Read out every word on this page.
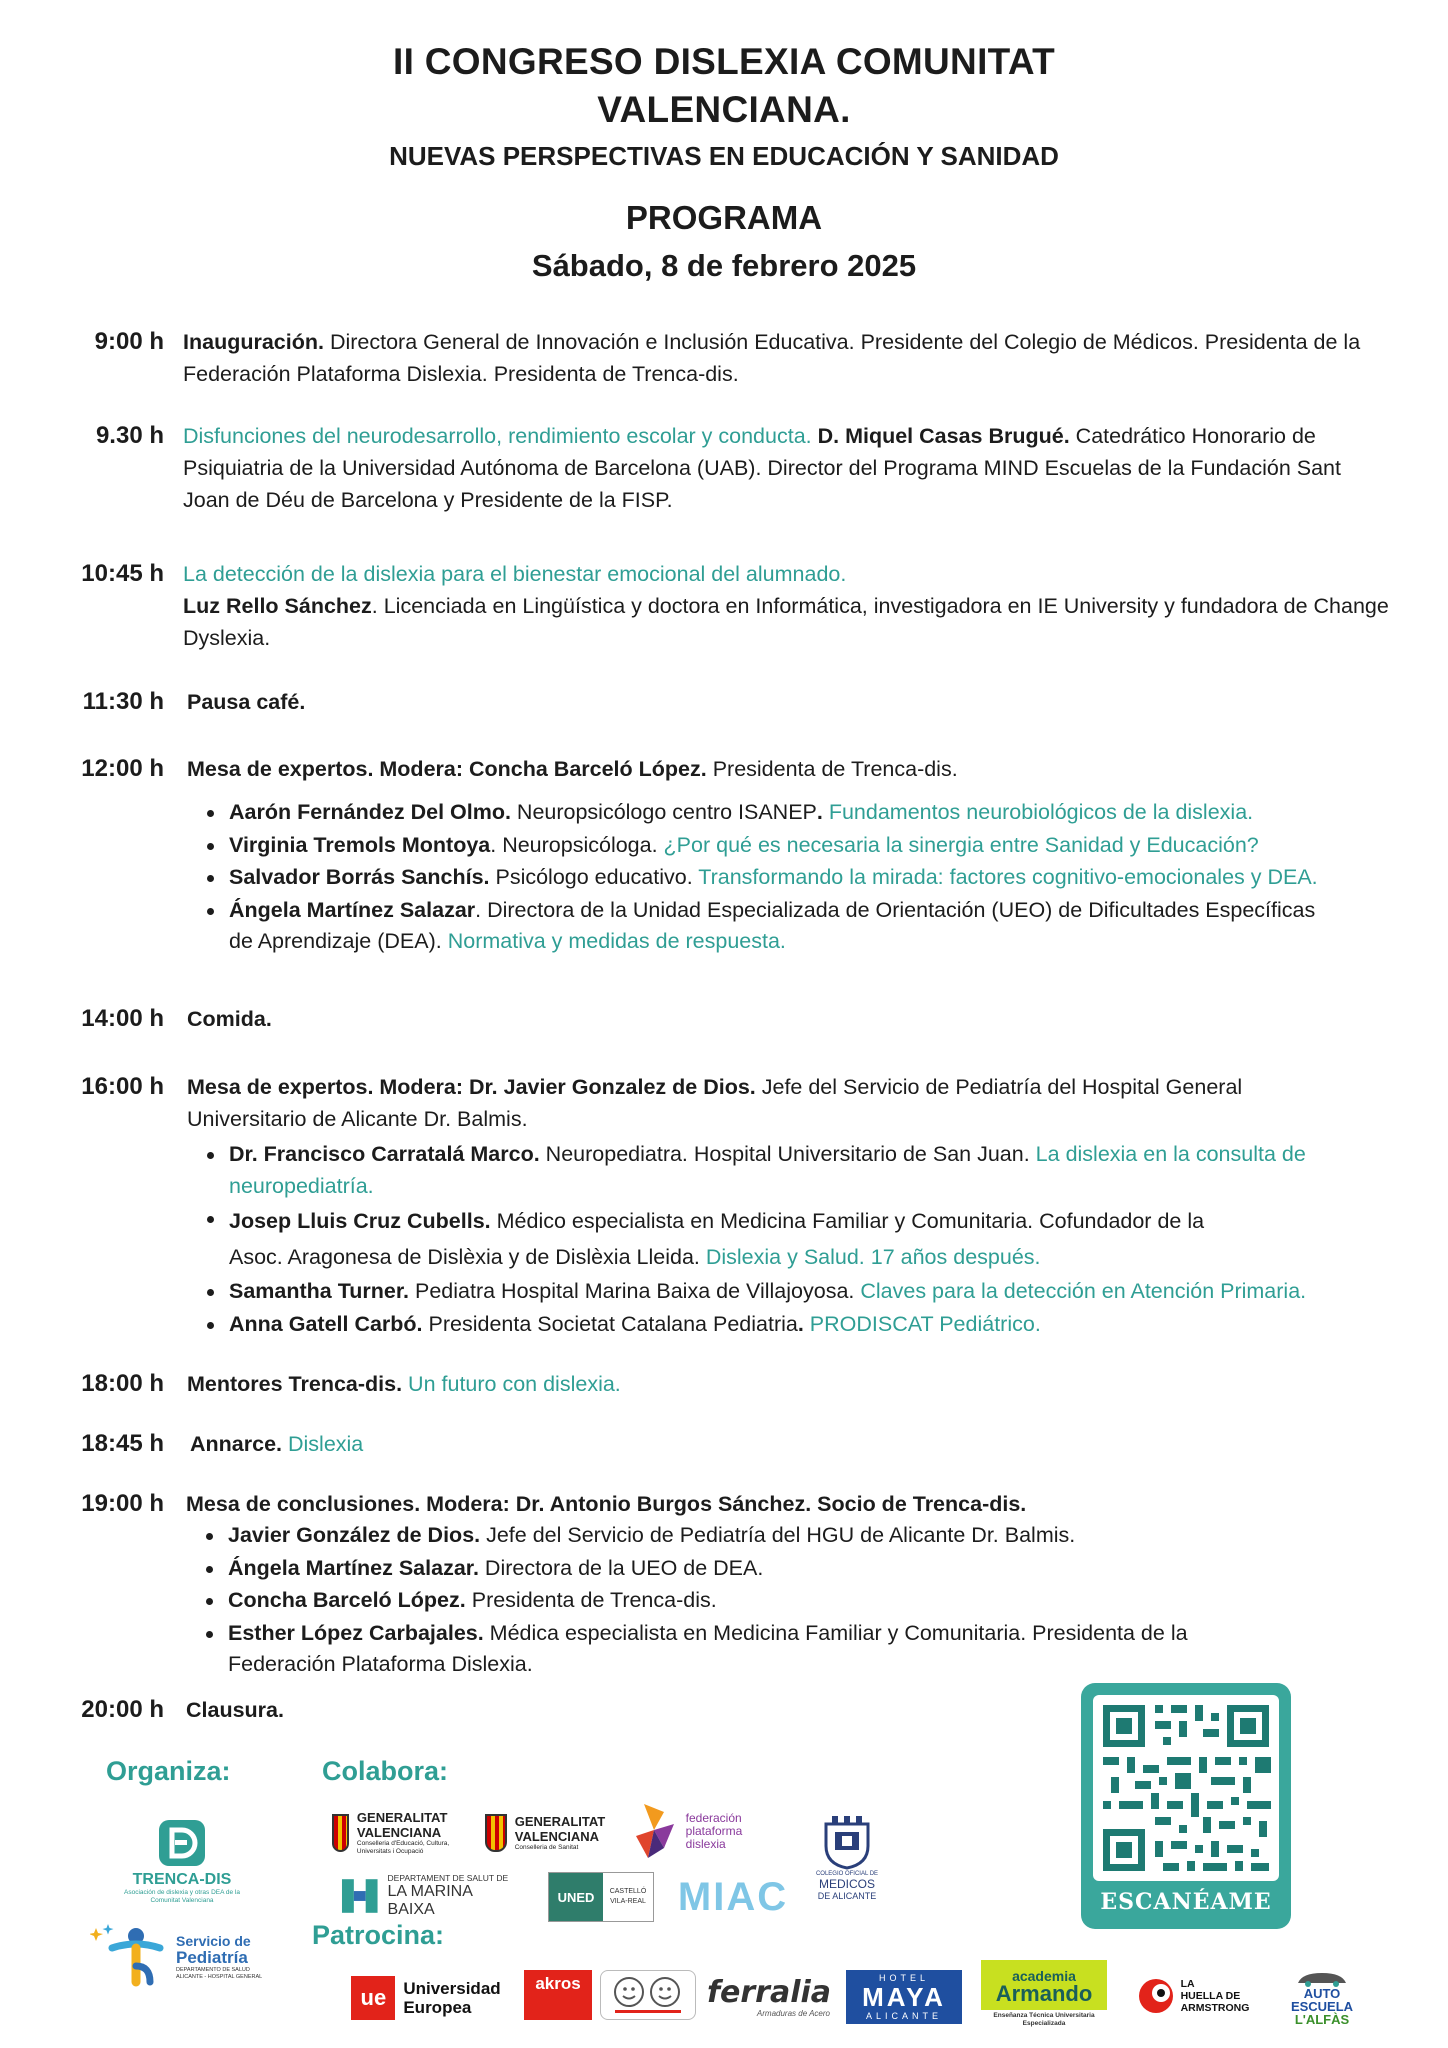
II CONGRESO DISLEXIA COMUNITAT
VALENCIANA.
NUEVAS PERSPECTIVAS EN EDUCACIÓN Y SANIDAD
PROGRAMA
Sábado, 8 de febrero 2025
9:00 h Inauguración. Directora General de Innovación e Inclusión Educativa. Presidente del Colegio de Médicos. Presidenta de la Federación Plataforma Dislexia. Presidenta de Trenca-dis.
9.30 h Disfunciones del neurodesarrollo, rendimiento escolar y conducta. D. Miquel Casas Brugué. Catedrático Honorario de Psiquiatria de la Universidad Autónoma de Barcelona (UAB). Director del Programa MIND Escuelas de la Fundación Sant Joan de Déu de Barcelona y Presidente de la FISP.
10:45 h La detección de la dislexia para el bienestar emocional del alumnado.
Luz Rello Sánchez. Licenciada en Lingüística y doctora en Informática, investigadora en IE University y fundadora de Change Dyslexia.
11:30 h Pausa café.
12:00 h Mesa de expertos. Moderа: Concha Barceló López. Presidenta de Trenca-dis.
Aarón Fernández Del Olmo. Neuropsicólogo centro ISANEP. Fundamentos neurobiológicos de la dislexia.
Virginia Tremols Montoya. Neuropsicóloga. ¿Por qué es necesaria la sinergia entre Sanidad y Educación?
Salvador Borrás Sanchís. Psicólogo educativo. Transformando la mirada: factores cognitivo-emocionales y DEA.
Ángela Martínez Salazar. Directora de la Unidad Especializada de Orientación (UEO) de Dificultades Específicas de Aprendizaje (DEA). Normativa y medidas de respuesta.
14:00 h Comida.
16:00 h Mesa de expertos. Modera: Dr. Javier Gonzalez de Dios. Jefe del Servicio de Pediatría del Hospital General Universitario de Alicante Dr. Balmis.
Dr. Francisco Carratalá Marco. Neuropediatra. Hospital Universitario de San Juan. La dislexia en la consulta de neuropediatría.
Josep Lluis Cruz Cubells. Médico especialista en Medicina Familiar y Comunitaria. Cofundador de la Asoc. Aragonesa de Dislèxia y de Dislèxia Lleida. Dislexia y Salud. 17 años después.
Samantha Turner. Pediatra Hospital Marina Baixa de Villajoyosa. Claves para la detección en Atención Primaria.
Anna Gatell Carbó. Presidenta Societat Catalana Pediatria. PRODISCAT Pediátrico.
18:00 h Mentores Trenca-dis. Un futuro con dislexia.
18:45 h Annarce. Dislexia
19:00 h Mesa de conclusiones. Modera: Dr. Antonio Burgos Sánchez. Socio de Trenca-dis.
Javier González de Dios. Jefe del Servicio de Pediatría del HGU de Alicante Dr. Balmis.
Ángela Martínez Salazar. Directora de la UEO de DEA.
Concha Barceló López. Presidenta de Trenca-dis.
Esther López Carbajales. Médica especialista en Medicina Familiar y Comunitaria. Presidenta de la Federación Plataforma Dislexia.
20:00 h Clausura.
Organiza:	Colabora:
Patrocina:
ESCANÉAME
TRENCA-DIS
Asociación de dislexia y otras DEA de la Comunitat Valenciana
Servicio de
Pediatría
DEPARTAMENTO DE SALUD ALICANTE - HOSPITAL GENERAL
GENERALITAT
VALENCIANA
Conselleria d'Educació, Cultura, Universitats i Ocupació
GENERALITAT
VALENCIANA
Conselleria de Sanitat
federación
plataforma
dislexia
COLEGIO OFICIAL DE
MEDICOS
DE ALICANTE
DEPARTAMENT DE SALUT DE
LA MARINA BAIXA
UNED	CASTELLÓ
VILA-REAL MIAC
ue	Universidad
Europea
akros	ferralia
Armaduras de Acero
HOTEL
MAYA
ALICANTE
academia
Armando
Enseñanza Técnica Universitaria Especializada
LA
HUELLA DE
ARMSTRONG
AUTO
ESCUELA
L'ALFÀS
